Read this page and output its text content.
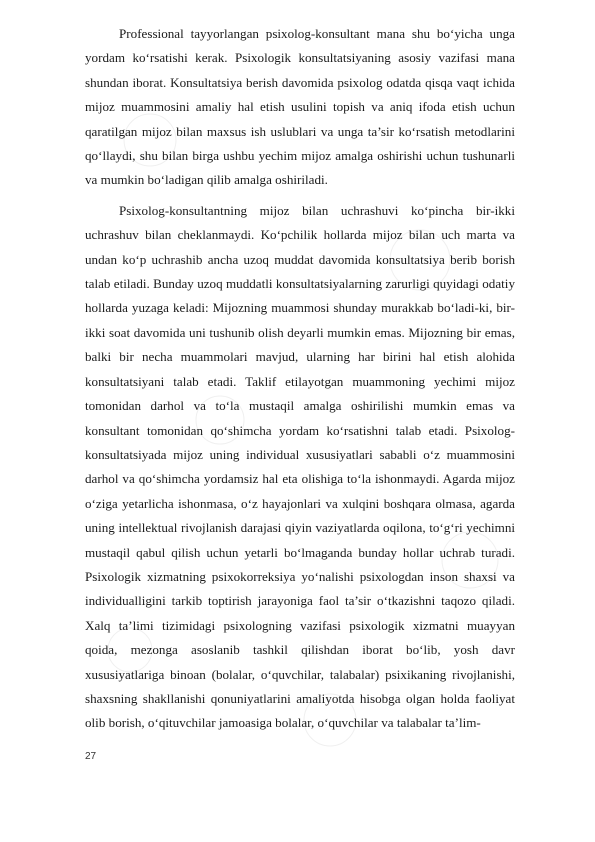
Professional tayyorlangan psixolog-konsultant mana shu bo‘yicha unga yordam ko‘rsatishi kerak. Psixologik konsultatsiyaning asosiy vazifasi mana shundan iborat. Konsultatsiya berish davomida psixolog odatda qisqa vaqt ichida mijoz muammosini amaliy hal etish usulini topish va aniq ifoda etish uchun qaratilgan mijoz bilan maxsus ish uslublari va unga ta’sir ko‘rsatish metodlarini qo‘llaydi, shu bilan birga ushbu yechim mijoz amalga oshirishi uchun tushunarli va mumkin bo‘ladigan qilib amalga oshiriladi.

Psixolog-konsultantning mijoz bilan uchrashuvi ko‘pincha bir-ikki uchrashuv bilan cheklanmaydi. Ko‘pchilik hollarda mijoz bilan uch marta va undan ko‘p uchrashib ancha uzoq muddat davomida konsultatsiya berib borish talab etiladi. Bunday uzoq muddatli konsultatsiyalarning zarurligi quyidagi odatiy hollarda yuzaga keladi: Mijozning muammosi shunday murakkab bo‘ladi-ki, bir- ikki soat davomida uni tushunib olish deyarli mumkin emas. Mijozning bir emas, balki bir necha muammolari mavjud, ularning har birini hal etish alohida konsultatsiyani talab etadi. Taklif etilayotgan muammoning yechimi mijoz tomonidan darhol va to‘la mustaqil amalga oshirilishi mumkin emas va konsultant tomonidan qo‘shimcha yordam ko‘rsatishni talab etadi. Psixolog-konsultatsiyada mijoz uning individual xususiyatlari sababli o‘z muammosini darhol va qo‘shimcha yordamsiz hal eta olishiga to‘la ishonmaydi. Agarda mijoz o‘ziga yetarlicha ishonmasa, o‘z hayajonlari va xulqini boshqara olmasa, agarda uning intellektual rivojlanish darajasi qiyin vaziyatlarda oqilona, to‘g‘ri yechimni mustaqil qabul qilish uchun yetarli bo‘lmaganda bunday hollar uchrab turadi. Psixologik xizmatning psixokorreksiya yo‘nalishi psixologdan inson shaxsi va individualligini tarkib toptirish jarayoniga faol ta’sir o‘tkazishni taqozo qiladi. Xalq ta’limi tizimidagi psixologning vazifasi psixologik xizmatni muayyan qoida, mezonga asoslanib tashkil qilishdan iborat bo‘lib, yosh davr xususiyatlariga binoan (bolalar, o‘quvchilar, talabalar) psixikaning rivojlanishi, shaxsning shakllanishi qonuniyatlarini amaliyotda hisobga olgan holda faoliyat olib borish, o‘qituvchilar jamoasiga bolalar, o‘quvchilar va talabalar ta’lim-

27
